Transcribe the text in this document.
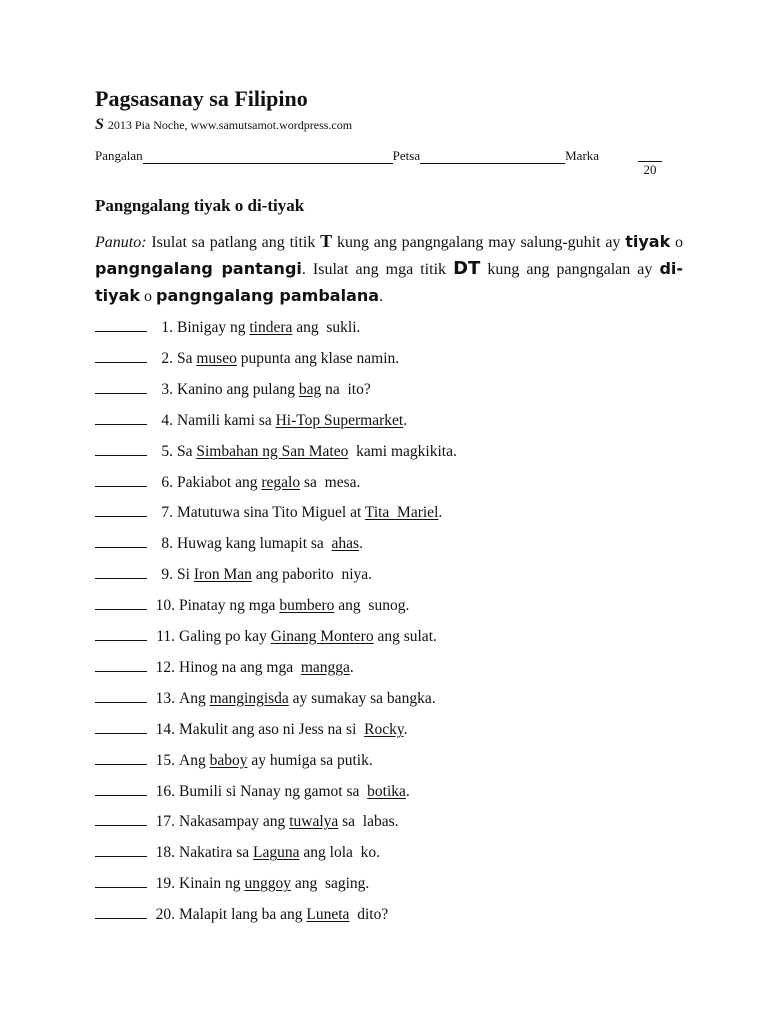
Pagsasanay sa Filipino
S 2013 Pia Noche, www.samutsamot.wordpress.com
Pangalan	Petsa	Marka
20
Pangngalang tiyak o di-tiyak
Panuto: Isulat sa patlang ang titik T kung ang pangngalang may salung-guhit ay tiyak o pangngalang pantangi. Isulat ang mga titik DT kung ang pangngalan ay di-tiyak o pangngalang pambalana.
1. Binigay ng tindera ang  sukli.
2. Sa museo pupunta ang klase namin.
3. Kanino ang pulang bag na  ito?
4. Namili kami sa Hi-Top Supermarket.
5. Sa Simbahan ng San Mateo  kami magkikita.
6. Pakiabot ang regalo sa  mesa.
7. Matutuwa sina Tito Miguel at Tita  Mariel.
8. Huwag kang lumapit sa  ahas.
9. Si Iron Man ang paborito  niya.
10. Pinatay ng mga bumbero ang  sunog.
11. Galing po kay Ginang Montero ang sulat.
12. Hinog na ang mga  mangga.
13. Ang mangingisda ay sumakay sa bangka.
14. Makulit ang aso ni Jess na si  Rocky.
15. Ang baboy ay humiga sa putik.
16. Bumili si Nanay ng gamot sa  botika.
17. Nakasampay ang tuwalya sa  labas.
18. Nakatira sa Laguna ang lola  ko.
19. Kinain ng unggoy ang  saging.
20. Malapit lang ba ang Luneta  dito?
